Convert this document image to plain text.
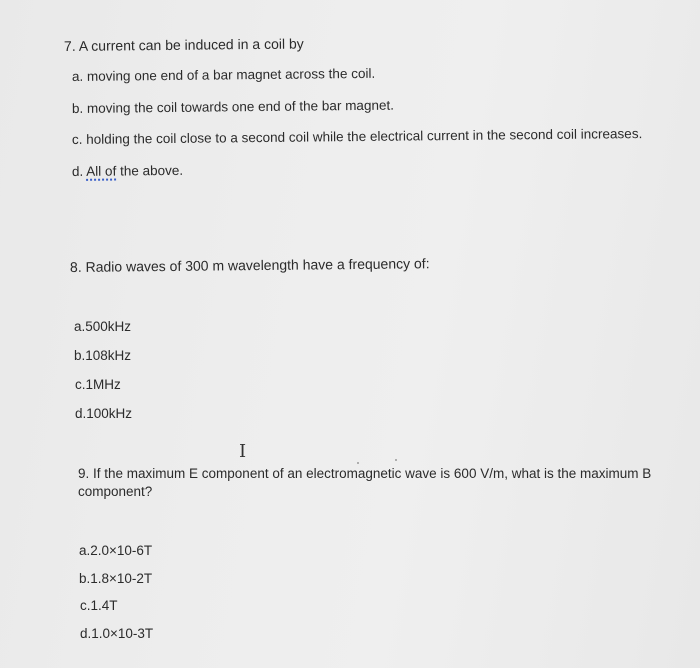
7. A current can be induced in a coil by
a. moving one end of a bar magnet across the coil.
b. moving the coil towards one end of the bar magnet.
c. holding the coil close to a second coil while the electrical current in the second coil increases.
d. All of the above.
8. Radio waves of 300 m wavelength have a frequency of:
a.500kHz
b.108kHz
c.1MHz
d.100kHz
I
9. If the maximum E component of an electromagnetic wave is 600 V/m, what is the maximum B component?
a.2.0×10-6T
b.1.8×10-2T
c.1.4T
d.1.0×10-3T
